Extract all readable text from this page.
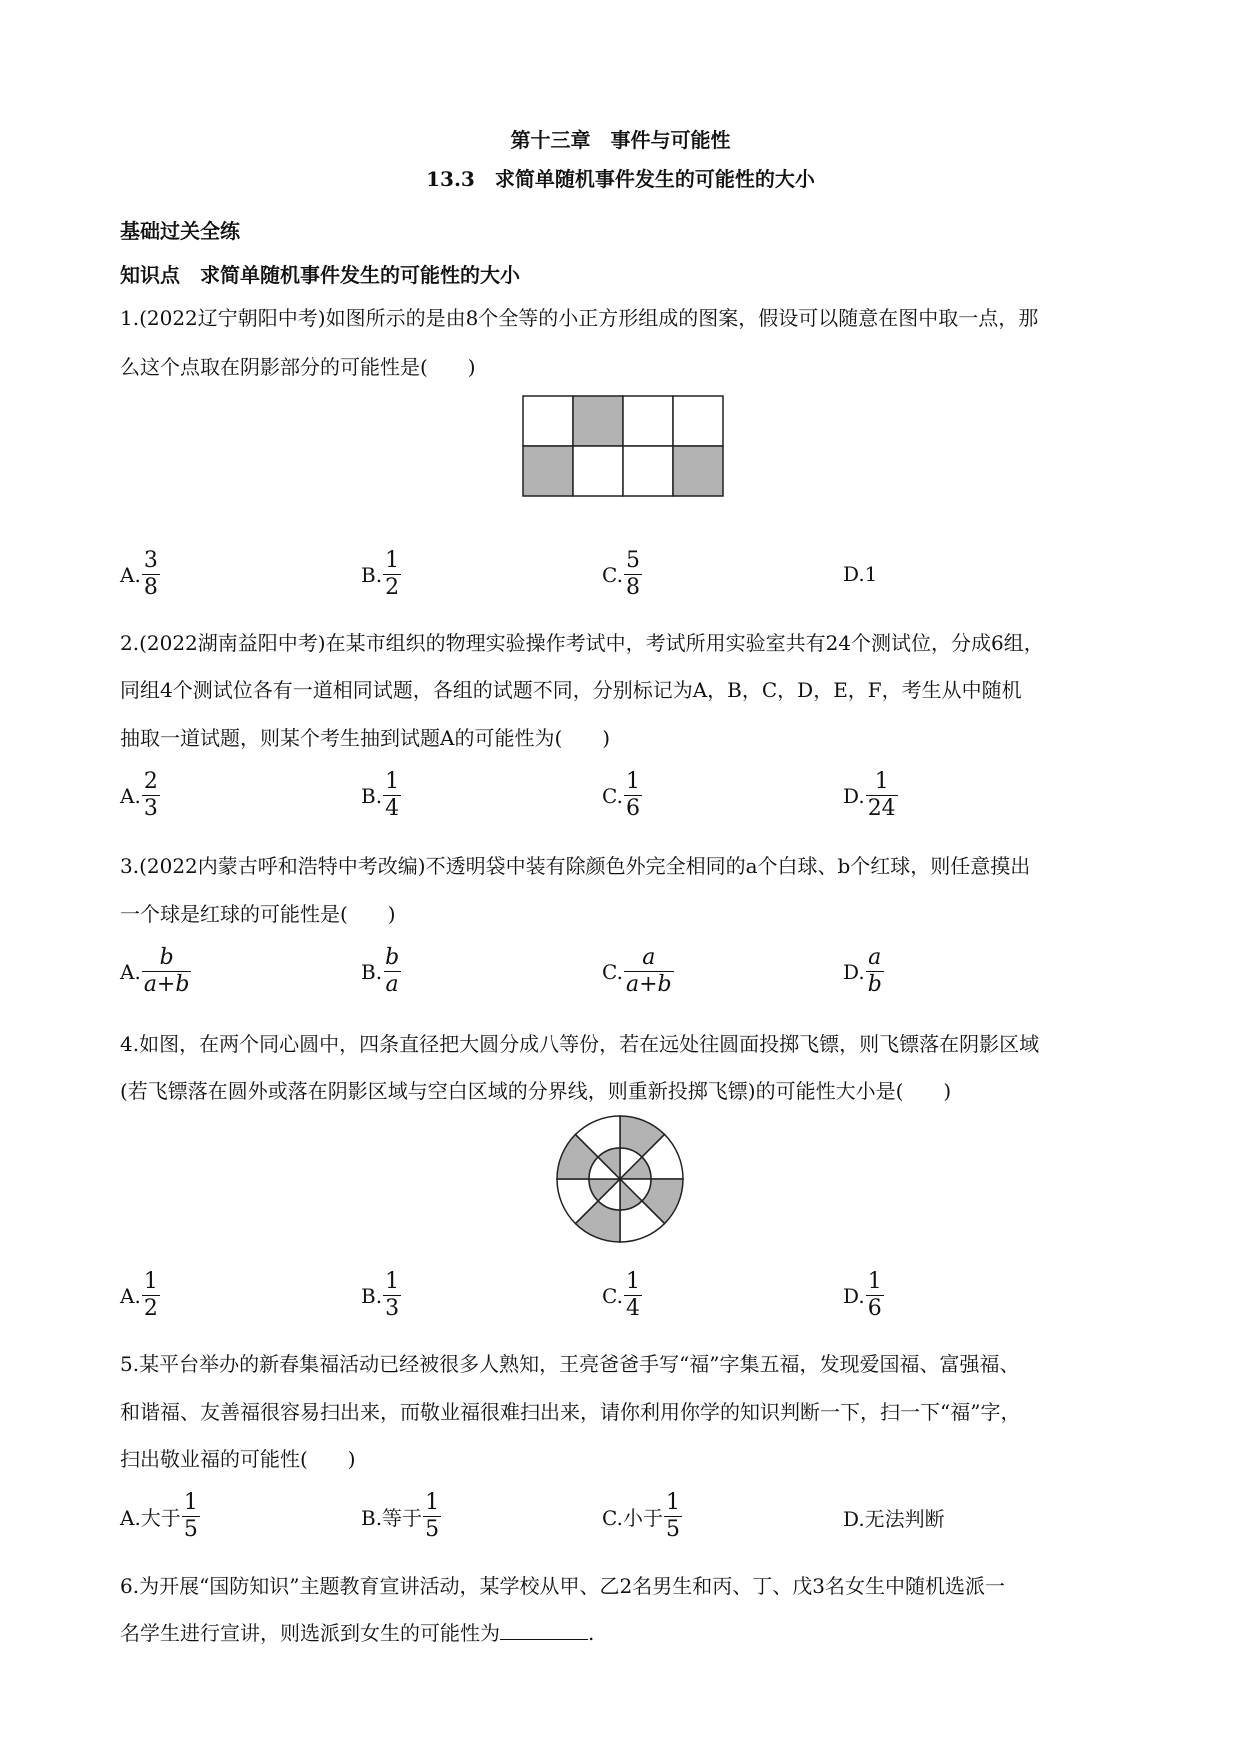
第十三章　事件与可能性
13.3　求简单随机事件发生的可能性的大小
基础过关全练
知识点　求简单随机事件发生的可能性的大小
1.(2022辽宁朝阳中考)如图所示的是由8个全等的小正方形组成的图案，假设可以随意在图中取一点，那
么这个点取在阴影部分的可能性是(　　)
A. $\frac{3}{8}$	B. $\frac{1}{2}$	C. $\frac{5}{8}$	D.1
2.(2022湖南益阳中考)在某市组织的物理实验操作考试中，考试所用实验室共有24个测试位，分成6组，
同组4个测试位各有一道相同试题，各组的试题不同，分别标记为A，B，C，D，E，F，考生从中随机
抽取一道试题，则某个考生抽到试题A的可能性为(　　)
A. $\frac{2}{3}$	B. $\frac{1}{4}$	C. $\frac{1}{6}$	D. $\frac{1}{24}$
3.(2022内蒙古呼和浩特中考改编)不透明袋中装有除颜色外完全相同的a个白球、b个红球，则任意摸出
一个球是红球的可能性是(　　)
A. $\frac{b}{a+b}$	B. $\frac{b}{a}$	C. $\frac{a}{a+b}$	D. $\frac{a}{b}$
4.如图，在两个同心圆中，四条直径把大圆分成八等份，若在远处往圆面投掷飞镖，则飞镖落在阴影区域
(若飞镖落在圆外或落在阴影区域与空白区域的分界线，则重新投掷飞镖)的可能性大小是(　　)
A. $\frac{1}{2}$	B. $\frac{1}{3}$	C. $\frac{1}{4}$	D. $\frac{1}{6}$
5.某平台举办的新春集福活动已经被很多人熟知，王亮爸爸手写“福”字集五福，发现爱国福、富强福、
和谐福、友善福很容易扫出来，而敬业福很难扫出来，请你利用你学的知识判断一下，扫一下“福”字，
扫出敬业福的可能性(　　)
A.大于 $\frac{1}{5}$	B.等于 $\frac{1}{5}$	C.小于 $\frac{1}{5}$	D.无法判断
6.为开展“国防知识”主题教育宣讲活动，某学校从甲、乙2名男生和丙、丁、戊3名女生中随机选派一
名学生进行宣讲，则选派到女生的可能性为	.
